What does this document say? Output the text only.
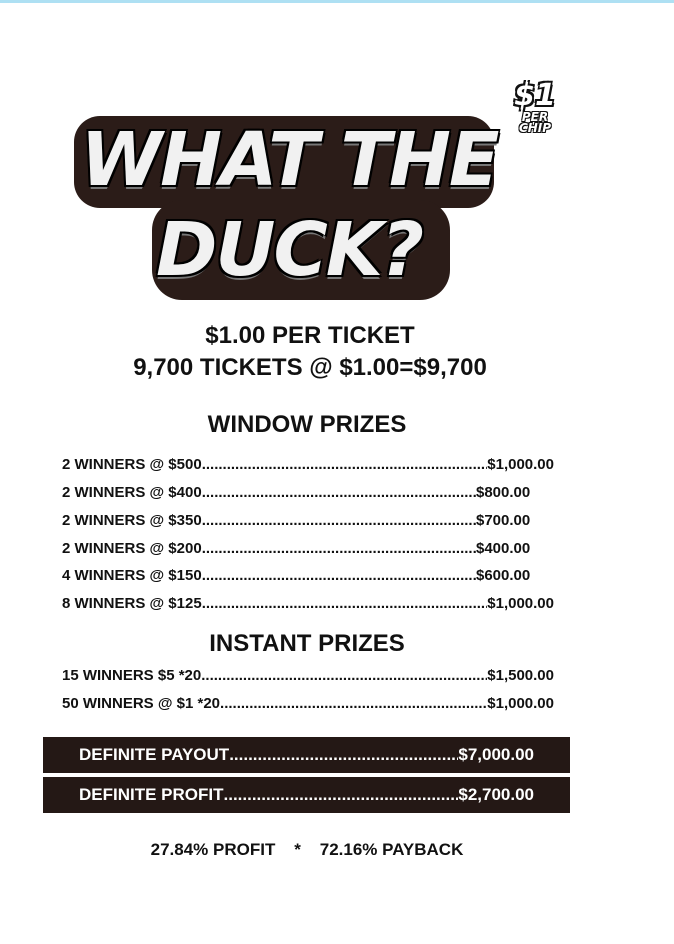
WHAT THE
DUCK?
$1
PER
CHIP
$1.00 PER TICKET
9,700 TICKETS @ $1.00=$9,700
WINDOW PRIZES
2 WINNERS @ $500 .....	$1,000.00
2 WINNERS @ $400 .....	$800.00
2 WINNERS @ $350 .....	$700.00
2 WINNERS @ $200 .....	$400.00
4 WINNERS @ $150 .....	$600.00
8 WINNERS @ $125 .....	$1,000.00
INSTANT PRIZES
15 WINNERS $5 *20 .....	$1,500.00
50 WINNERS @ $1 *20 .....	$1,000.00
DEFINITE PAYOUT .....	$7,000.00
DEFINITE PROFIT .....	$2,700.00
27.84% PROFIT    *    72.16% PAYBACK
